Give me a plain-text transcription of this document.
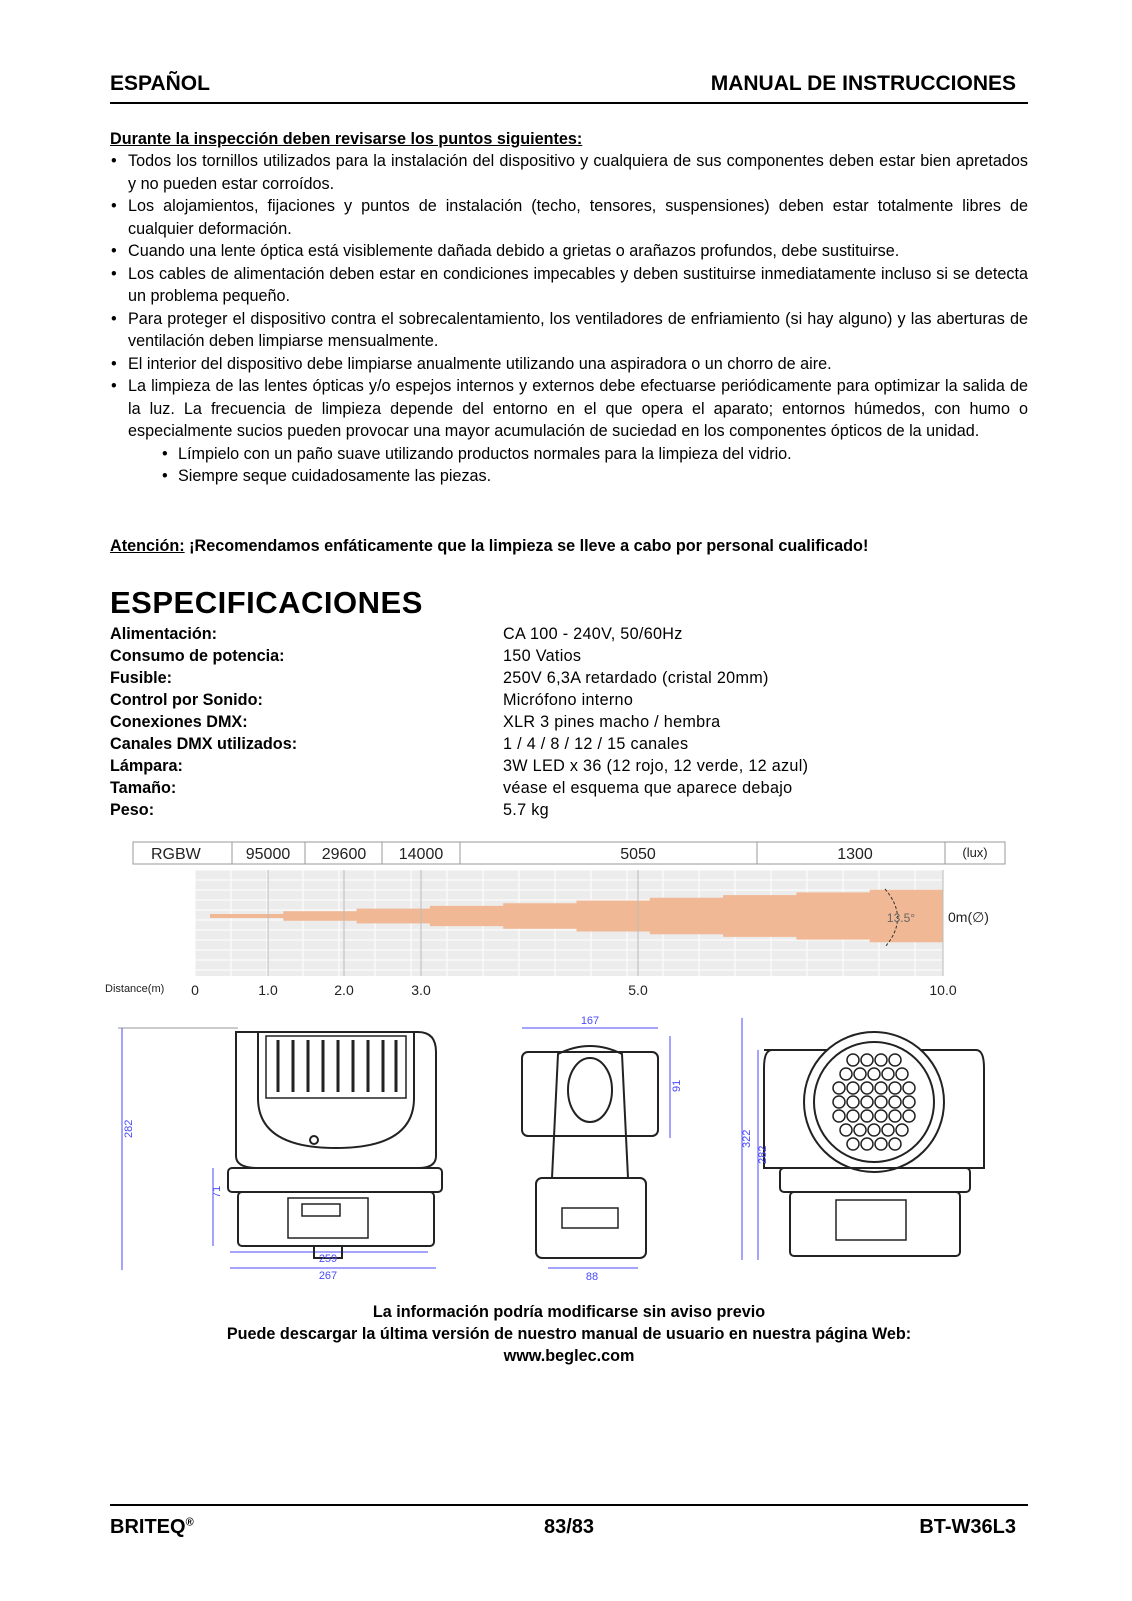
ESPAÑOL	MANUAL DE INSTRUCCIONES
Durante la inspección deben revisarse los puntos siguientes:
• Todos los tornillos utilizados para la instalación del dispositivo y cualquiera de sus componentes deben estar bien apretados y no pueden estar corroídos.
• Los alojamientos, fijaciones y puntos de instalación (techo, tensores, suspensiones) deben estar totalmente libres de cualquier deformación.
• Cuando una lente óptica está visiblemente dañada debido a grietas o arañazos profundos, debe sustituirse.
• Los cables de alimentación deben estar en condiciones impecables y deben sustituirse inmediatamente incluso si se detecta un problema pequeño.
• Para proteger el dispositivo contra el sobrecalentamiento, los ventiladores de enfriamiento (si hay alguno) y las aberturas de ventilación deben limpiarse mensualmente.
• El interior del dispositivo debe limpiarse anualmente utilizando una aspiradora o un chorro de aire.
• La limpieza de las lentes ópticas y/o espejos internos y externos debe efectuarse periódicamente para optimizar la salida de la luz. La frecuencia de limpieza depende del entorno en el que opera el aparato; entornos húmedos, con humo o especialmente sucios pueden provocar una mayor acumulación de suciedad en los componentes ópticos de la unidad.
• Límpielo con un paño suave utilizando productos normales para la limpieza del vidrio.
• Siempre seque cuidadosamente las piezas.
Atención: ¡Recomendamos enfáticamente que la limpieza se lleve a cabo por personal cualificado!
ESPECIFICACIONES
Alimentación:	CA 100 - 240V, 50/60Hz
Consumo de potencia:	150 Vatios
Fusible:	250V 6,3A retardado (cristal 20mm)
Control por Sonido:	Micrófono interno
Conexiones DMX:	XLR 3 pines macho / hembra
Canales DMX utilizados:	1 / 4 / 8 / 12 / 15 canales
Lámpara:	3W LED x 36 (12 rojo, 12 verde, 12 azul)
Tamaño:	véase el esquema que aparece debajo
Peso:	5.7 kg
RGBW	95000 29600 14000	5050	1300	(lux)
13.5° 0m(∅)
Distance(m) 0	1.0	2.0	3.0	5.0	10.0
282
71
259
267
167
91
88
322
282
La información podría modificarse sin aviso previo
Puede descargar la última versión de nuestro manual de usuario en nuestra página Web:
www.beglec.com
BRITEQ®	83/83	BT-W36L3
